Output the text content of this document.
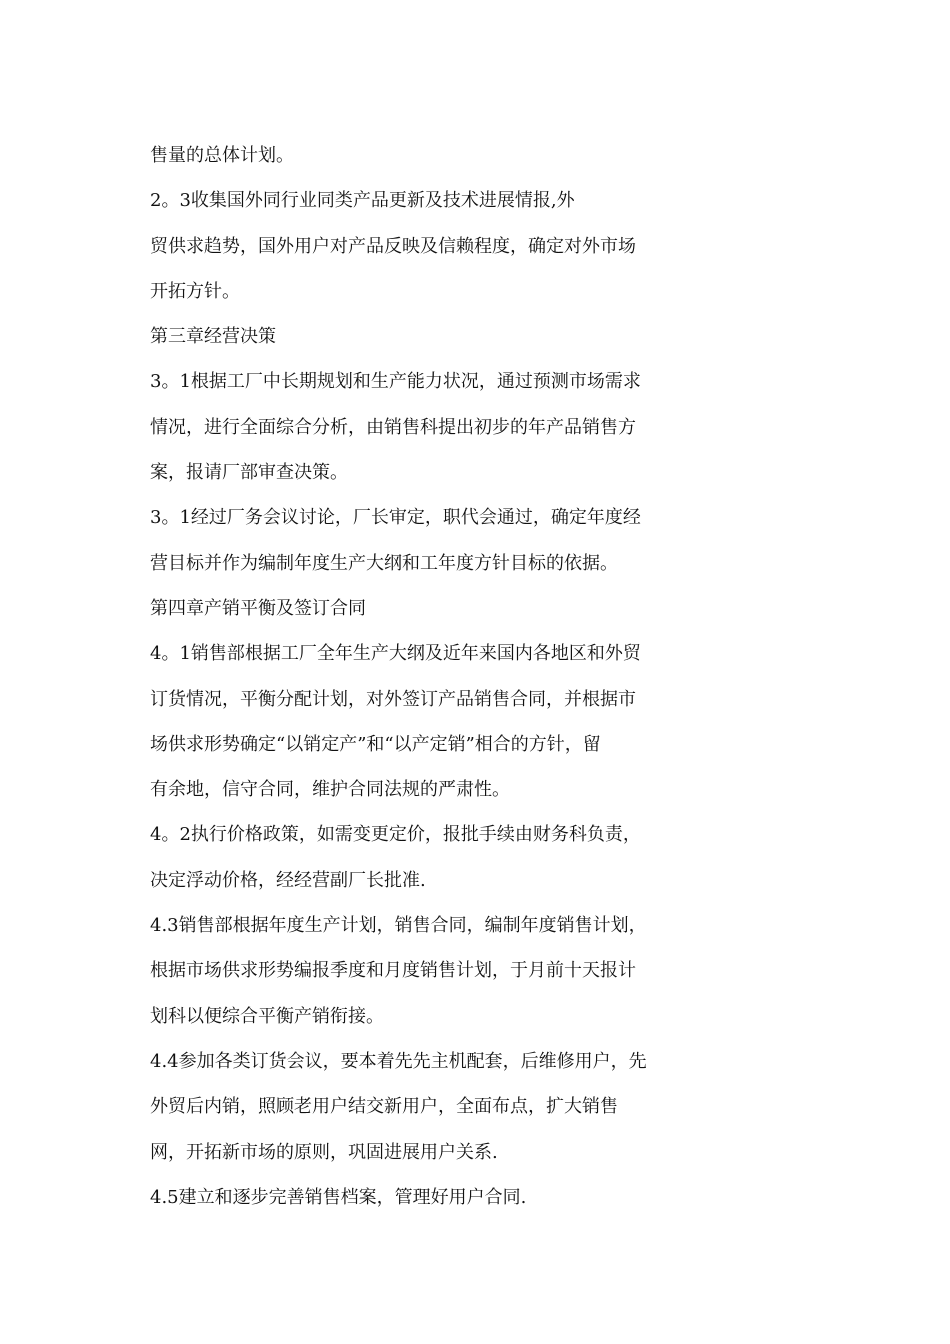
售量的总体计划。

2。3收集国外同行业同类产品更新及技术进展情报,外

贸供求趋势，国外用户对产品反映及信赖程度，确定对外市场

开拓方针。

第三章经营决策

3。1根据工厂中长期规划和生产能力状况，通过预测市场需求

情况，进行全面综合分析，由销售科提出初步的年产品销售方

案，报请厂部审查决策。

3。1经过厂务会议讨论，厂长审定，职代会通过，确定年度经

营目标并作为编制年度生产大纲和工年度方针目标的依据。

第四章产销平衡及签订合同

4。1销售部根据工厂全年生产大纲及近年来国内各地区和外贸

订货情况，平衡分配计划，对外签订产品销售合同，并根据市

场供求形势确定“以销定产”和“以产定销”相合的方针，留

有余地，信守合同，维护合同法规的严肃性。

4。2执行价格政策，如需变更定价，报批手续由财务科负责，

决定浮动价格，经经营副厂长批准.

4.3销售部根据年度生产计划，销售合同，编制年度销售计划，

根据市场供求形势编报季度和月度销售计划，于月前十天报计

划科以便综合平衡产销衔接。

4.4参加各类订货会议，要本着先先主机配套，后维修用户，先

外贸后内销，照顾老用户结交新用户，全面布点，扩大销售

网，开拓新市场的原则，巩固进展用户关系.

4.5建立和逐步完善销售档案，管理好用户合同.
